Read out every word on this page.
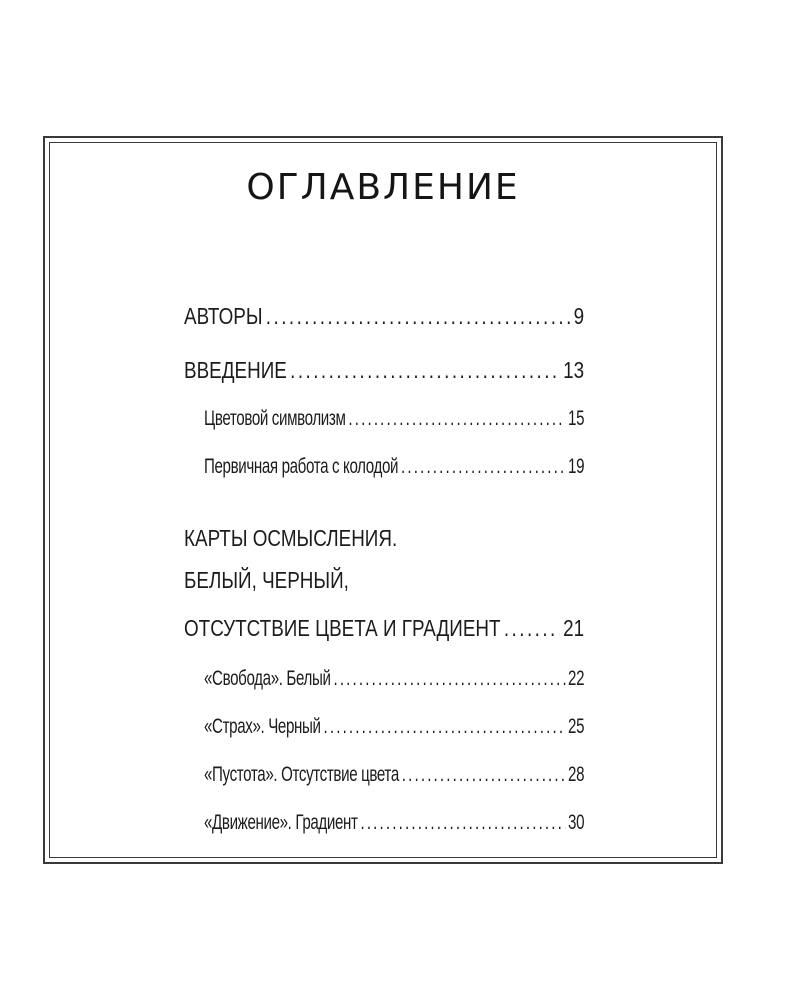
ОГЛАВЛЕНИЕ
АВТОРЫ .....	9
ВВЕДЕНИЕ .....	13
Цветовой символизм .....	15
Первичная работа с колодой .....	19
КАРТЫ ОСМЫСЛЕНИЯ.
БЕЛЫЙ, ЧЕРНЫЙ,
ОТСУТСТВИЕ ЦВЕТА И ГРАДИЕНТ .....	21
«Свобода». Белый .....	22
«Страх». Черный .....	25
«Пустота». Отсутствие цвета .....	28
«Движение». Градиент .....	30
